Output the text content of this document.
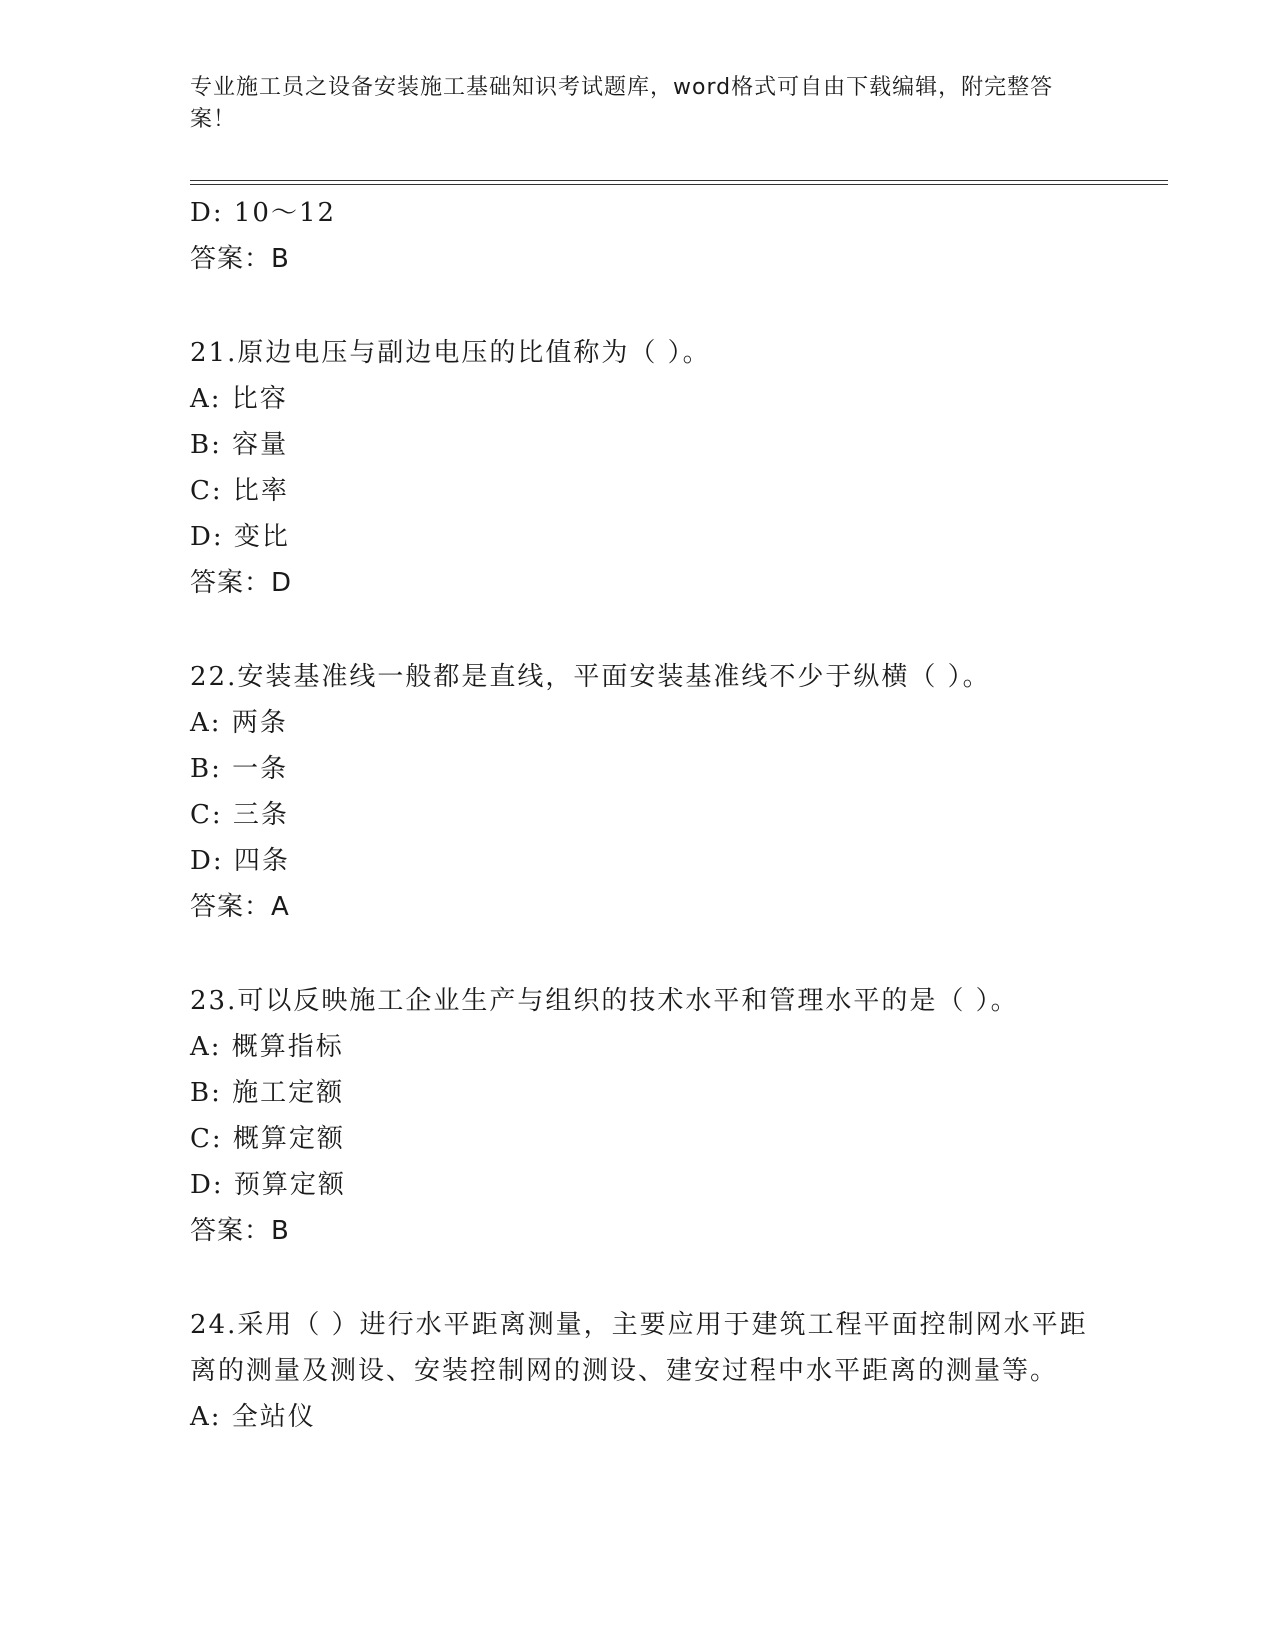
专业施工员之设备安装施工基础知识考试题库，word格式可自由下载编辑，附完整答案！
D: 10～12
答案：B
21.原边电压与副边电压的比值称为（ ）。
A: 比容
B: 容量
C: 比率
D: 变比
答案：D
22.安装基准线一般都是直线，平面安装基准线不少于纵横（ ）。
A: 两条
B: 一条
C: 三条
D: 四条
答案：A
23.可以反映施工企业生产与组织的技术水平和管理水平的是（ ）。
A: 概算指标
B: 施工定额
C: 概算定额
D: 预算定额
答案：B
24.采用（ ）进行水平距离测量，主要应用于建筑工程平面控制网水平距离的测量及测设、安装控制网的测设、建安过程中水平距离的测量等。
A: 全站仪
